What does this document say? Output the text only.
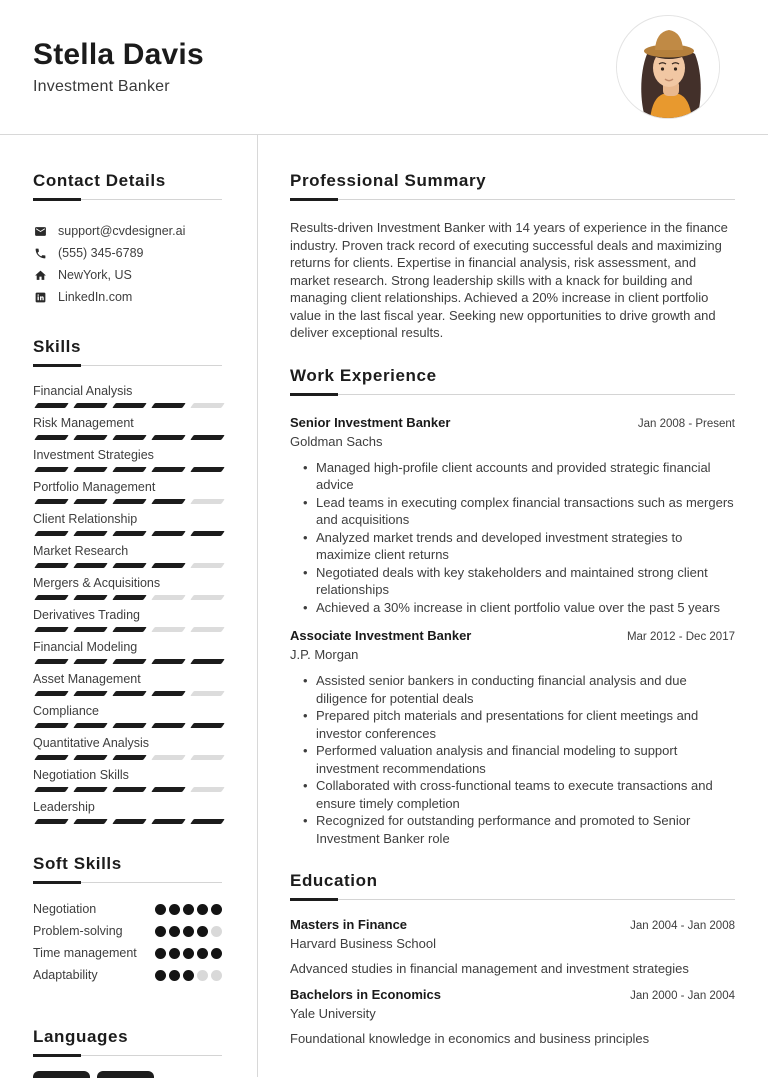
Stella Davis
Investment Banker
Contact Details
support@cvdesigner.ai
(555) 345-6789
NewYork, US
LinkedIn.com
Skills
Financial Analysis
Risk Management
Investment Strategies
Portfolio Management
Client Relationship
Market Research
Mergers & Acquisitions
Derivatives Trading
Financial Modeling
Asset Management
Compliance
Quantitative Analysis
Negotiation Skills
Leadership
Soft Skills
Negotiation
Problem-solving
Time management
Adaptability
Languages
Professional Summary

Results-driven Investment Banker with 14 years of experience in the finance industry. Proven track record of executing successful deals and maximizing returns for clients. Expertise in financial analysis, risk assessment, and market research. Strong leadership skills with a knack for building and managing client relationships. Achieved a 20% increase in client portfolio value in the last fiscal year. Seeking new opportunities to drive growth and deliver exceptional results.

Work Experience
Senior Investment Banker	Jan 2008 - Present
Goldman Sachs
• Managed high-profile client accounts and provided strategic financial advice
• Lead teams in executing complex financial transactions such as mergers and acquisitions
• Analyzed market trends and developed investment strategies to maximize client returns
• Negotiated deals with key stakeholders and maintained strong client relationships
• Achieved a 30% increase in client portfolio value over the past 5 years
Associate Investment Banker	Mar 2012 - Dec 2017
J.P. Morgan
• Assisted senior bankers in conducting financial analysis and due diligence for potential deals
• Prepared pitch materials and presentations for client meetings and investor conferences
• Performed valuation analysis and financial modeling to support investment recommendations
• Collaborated with cross-functional teams to execute transactions and ensure timely completion
• Recognized for outstanding performance and promoted to Senior Investment Banker role
Education
Masters in Finance	Jan 2004 - Jan 2008
Harvard Business School
Advanced studies in financial management and investment strategies
Bachelors in Economics	Jan 2000 - Jan 2004
Yale University
Foundational knowledge in economics and business principles
